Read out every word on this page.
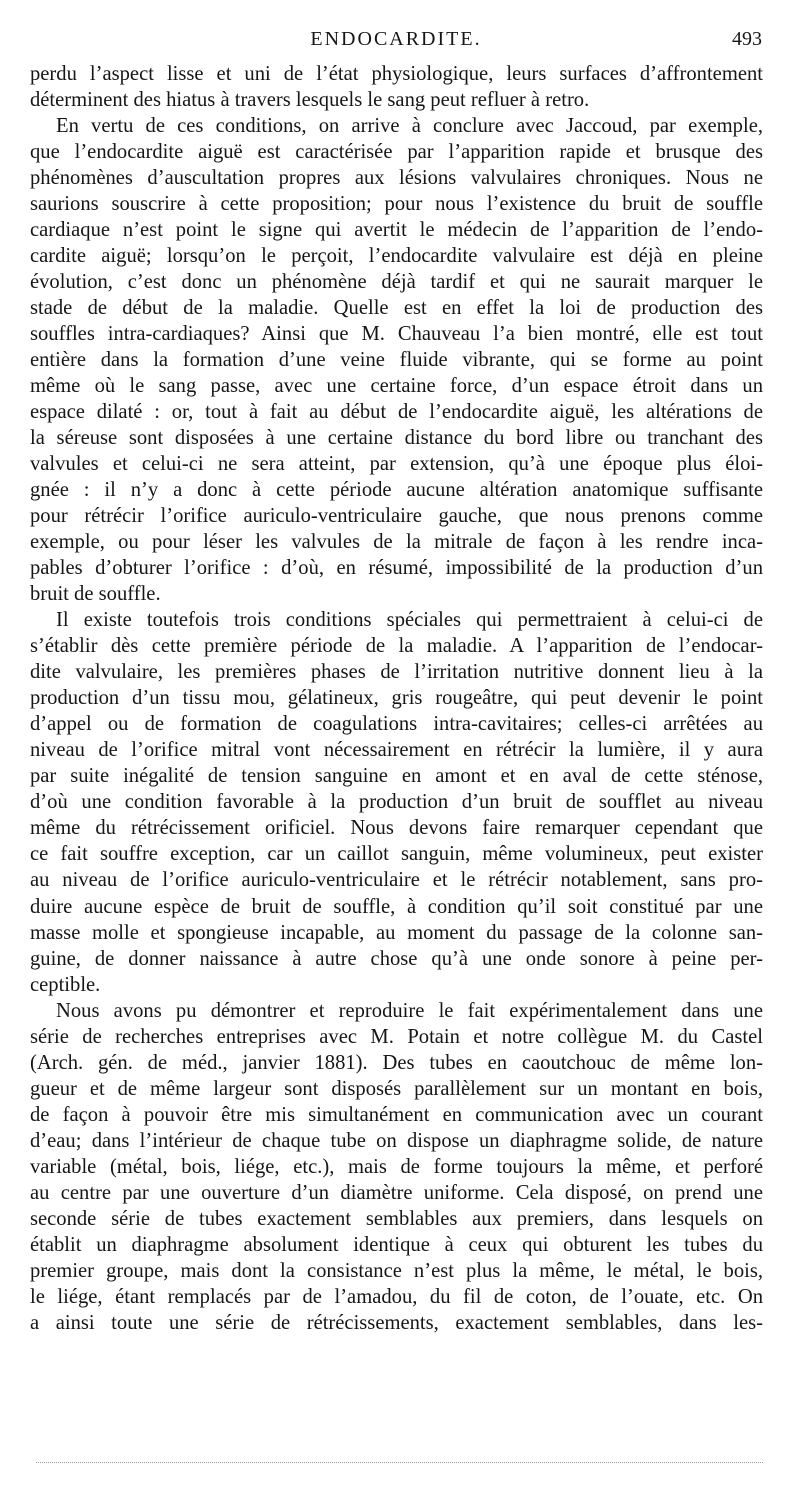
ENDOCARDITE.	493
perdu l’aspect lisse et uni de l’état physiologique, leurs surfaces d’affrontement
déterminent des hiatus à travers lesquels le sang peut refluer à retro.
En vertu de ces conditions, on arrive à conclure avec Jaccoud, par exemple,
que l’endocardite aiguë est caractérisée par l’apparition rapide et brusque des
phénomènes d’auscultation propres aux lésions valvulaires chroniques. Nous ne
saurions souscrire à cette proposition; pour nous l’existence du bruit de souffle
cardiaque n’est point le signe qui avertit le médecin de l’apparition de l’endo-
cardite aiguë; lorsqu’on le perçoit, l’endocardite valvulaire est déjà en pleine
évolution, c’est donc un phénomène déjà tardif et qui ne saurait marquer le
stade de début de la maladie. Quelle est en effet la loi de production des
souffles intra-cardiaques? Ainsi que M. Chauveau l’a bien montré, elle est tout
entière dans la formation d’une veine fluide vibrante, qui se forme au point
même où le sang passe, avec une certaine force, d’un espace étroit dans un
espace dilaté : or, tout à fait au début de l’endocardite aiguë, les altérations de
la séreuse sont disposées à une certaine distance du bord libre ou tranchant des
valvules et celui-ci ne sera atteint, par extension, qu’à une époque plus éloi-
gnée : il n’y a donc à cette période aucune altération anatomique suffisante
pour rétrécir l’orifice auriculo-ventriculaire gauche, que nous prenons comme
exemple, ou pour léser les valvules de la mitrale de façon à les rendre inca-
pables d’obturer l’orifice : d’où, en résumé, impossibilité de la production d’un
bruit de souffle.
Il existe toutefois trois conditions spéciales qui permettraient à celui-ci de
s’établir dès cette première période de la maladie. A l’apparition de l’endocar-
dite valvulaire, les premières phases de l’irritation nutritive donnent lieu à la
production d’un tissu mou, gélatineux, gris rougeâtre, qui peut devenir le point
d’appel ou de formation de coagulations intra-cavitaires; celles-ci arrêtées au
niveau de l’orifice mitral vont nécessairement en rétrécir la lumière, il y aura
par suite inégalité de tension sanguine en amont et en aval de cette sténose,
d’où une condition favorable à la production d’un bruit de soufflet au niveau
même du rétrécissement orificiel. Nous devons faire remarquer cependant que
ce fait souffre exception, car un caillot sanguin, même volumineux, peut exister
au niveau de l’orifice auriculo-ventriculaire et le rétrécir notablement, sans pro-
duire aucune espèce de bruit de souffle, à condition qu’il soit constitué par une
masse molle et spongieuse incapable, au moment du passage de la colonne san-
guine, de donner naissance à autre chose qu’à une onde sonore à peine per-
ceptible.
Nous avons pu démontrer et reproduire le fait expérimentalement dans une
série de recherches entreprises avec M. Potain et notre collègue M. du Castel
(Arch. gén. de méd., janvier 1881). Des tubes en caoutchouc de même lon-
gueur et de même largeur sont disposés parallèlement sur un montant en bois,
de façon à pouvoir être mis simultanément en communication avec un courant
d’eau; dans l’intérieur de chaque tube on dispose un diaphragme solide, de nature
variable (métal, bois, liége, etc.), mais de forme toujours la même, et perforé
au centre par une ouverture d’un diamètre uniforme. Cela disposé, on prend une
seconde série de tubes exactement semblables aux premiers, dans lesquels on
établit un diaphragme absolument identique à ceux qui obturent les tubes du
premier groupe, mais dont la consistance n’est plus la même, le métal, le bois,
le liége, étant remplacés par de l’amadou, du fil de coton, de l’ouate, etc. On
a ainsi toute une série de rétrécissements, exactement semblables, dans les-
